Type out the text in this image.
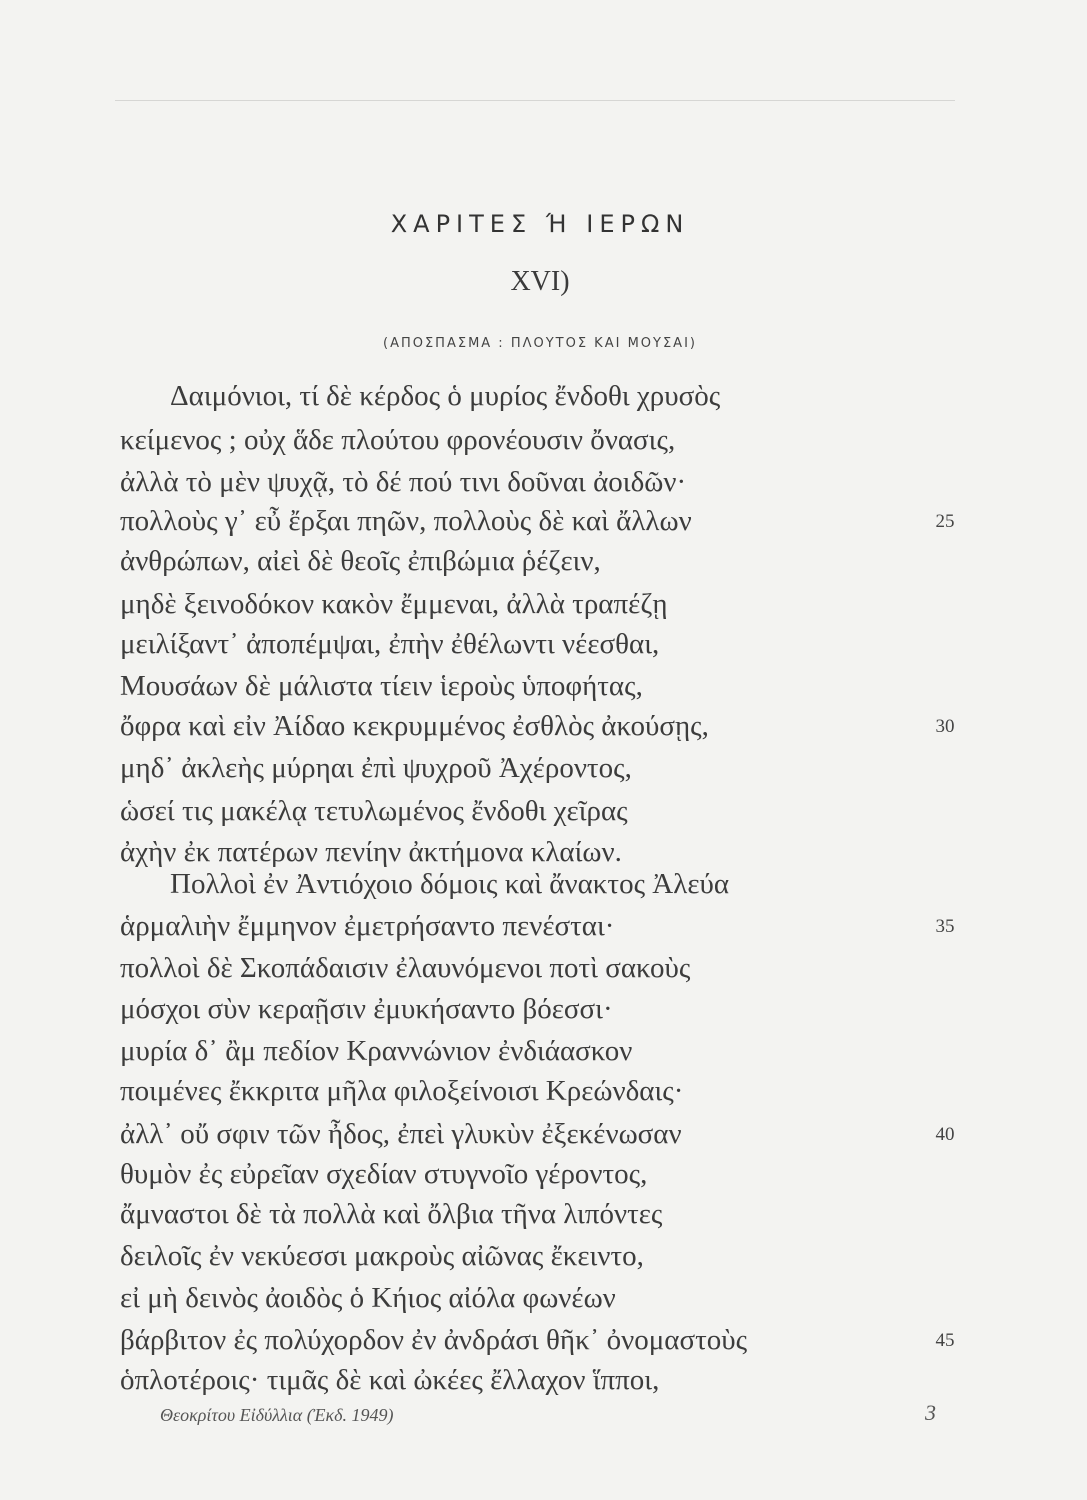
ΧΑΡΙΤΕΣ Ή ΙΕΡΩΝ
XVI)
(ΑΠΟΣΠΑΣΜΑ : ΠΛΟΥΤΟΣ ΚΑΙ ΜΟΥΣΑΙ)
Δαιμόνιοι, τί δὲ κέρδος ὁ μυρίος ἔνδοθι χρυσὸς
κείμενος ; οὐχ ἅδε πλούτου φρονέουσιν ὄνασις,
ἀλλὰ τὸ μὲν ψυχᾷ, τὸ δέ πού τινι δοῦναι ἀοιδῶν·
πολλοὺς γ᾽ εὖ ἔρξαι πηῶν, πολλοὺς δὲ καὶ ἄλλων	25
ἀνθρώπων, αἰεὶ δὲ θεοῖς ἐπιβώμια ῥέζειν,
μηδὲ ξεινοδόκον κακὸν ἔμμεναι, ἀλλὰ τραπέζῃ
μειλίξαντ᾽ ἀποπέμψαι, ἐπὴν ἐθέλωντι νέεσθαι,
Μουσάων δὲ μάλιστα τίειν ἱεροὺς ὑποφήτας,
ὄφρα καὶ εἰν Ἀίδαο κεκρυμμένος ἐσθλὸς ἀκούσῃς,	30
μηδ᾽ ἀκλεὴς μύρηαι ἐπὶ ψυχροῦ Ἀχέροντος,
ὡσεί τις μακέλᾳ τετυλωμένος ἔνδοθι χεῖρας
ἀχὴν ἐκ πατέρων πενίην ἀκτήμονα κλαίων.
Πολλοὶ ἐν Ἀντιόχοιο δόμοις καὶ ἄνακτος Ἀλεύα
ἁρμαλιὴν ἔμμηνον ἐμετρήσαντο πενέσται·	35
πολλοὶ δὲ Σκοπάδαισιν ἐλαυνόμενοι ποτὶ σακοὺς
μόσχοι σὺν κεραῇσιν ἐμυκήσαντο βόεσσι·
μυρία δ᾽ ἂμ πεδίον Κραννώνιον ἐνδιάασκον
ποιμένες ἔκκριτα μῆλα φιλοξείνοισι Κρεώνδαις·
ἀλλ᾽ οὔ σφιν τῶν ἦδος, ἐπεὶ γλυκὺν ἐξεκένωσαν	40
θυμὸν ἐς εὐρεῖαν σχεδίαν στυγνοῖο γέροντος,
ἄμναστοι δὲ τὰ πολλὰ καὶ ὄλβια τῆνα λιπόντες
δειλοῖς ἐν νεκύεσσι μακροὺς αἰῶνας ἔκειντο,
εἰ μὴ δεινὸς ἀοιδὸς ὁ Κήιος αἰόλα φωνέων
βάρβιτον ἐς πολύχορδον ἐν ἀνδράσι θῆκ᾽ ὀνομαστοὺς	45
ὁπλοτέροις· τιμᾶς δὲ καὶ ὠκέες ἔλλαχον ἵπποι,
Θεοκρίτου Εἰδύλλια (Ἐκδ. 1949)	3
